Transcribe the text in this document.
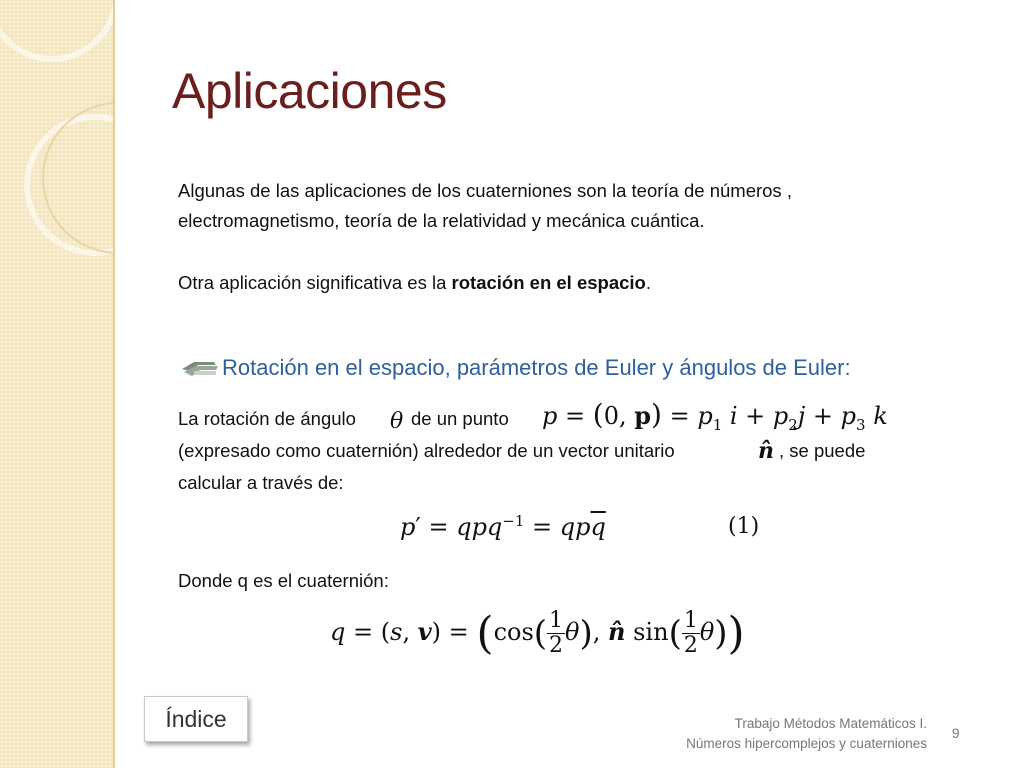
Aplicaciones

Algunas de las aplicaciones de los cuaterniones son la teoría de números , electromagnetismo, teoría de la relatividad y mecánica cuántica.

Otra aplicación significativa es la rotación en el espacio.

Rotación en el espacio, parámetros de Euler y ángulos de Euler:

La rotación de ángulo θ de un punto p = (0, $p) = p_1$ $i + p_2j + p_3$ k

(expresado como cuaternión) alrededor de un vector unitario	n̂ , se puede

calcular a través de:

$p' = qpq^{-1} = qp\overline{q}$	(1)

Donde q es el cuaternión:

q = (s, $v) = (\cos( \frac{1}{2} \theta)$, n̂ $\sin( \frac{1}{2} \theta)$)
Índice	Trabajo Métodos Matemáticos I.
Números hipercomplejos y cuaterniones
9
